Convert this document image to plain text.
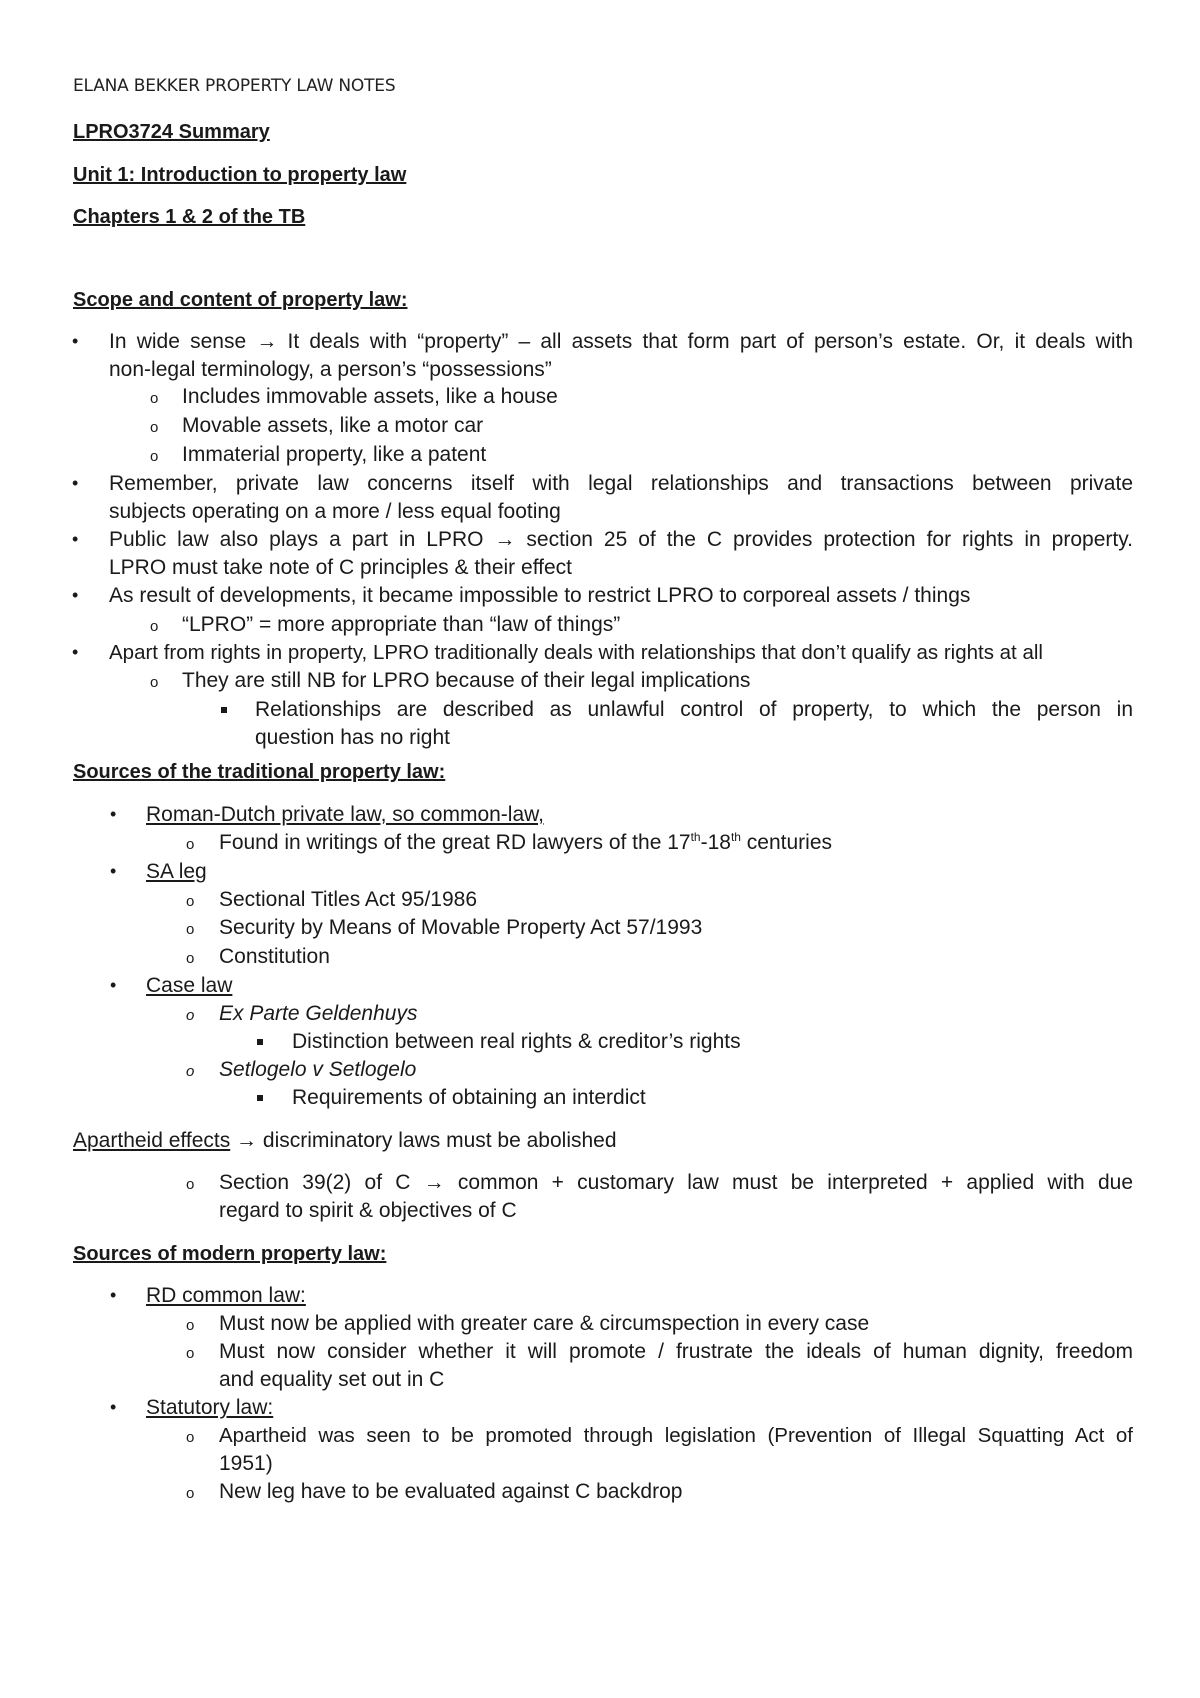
ELANA BEKKER PROPERTY LAW NOTES
LPRO3724 Summary
Unit 1: Introduction to property law
Chapters 1 & 2 of the TB
Scope and content of property law:
• In wide sense → It deals with “property” – all assets that form part of person’s estate. Or, it deals with
non-legal terminology, a person’s “possessions”
o Includes immovable assets, like a house
o Movable assets, like a motor car
o Immaterial property, like a patent
• Remember, private law concerns itself with legal relationships and transactions between private
subjects operating on a more / less equal footing
• Public law also plays a part in LPRO → section 25 of the C provides protection for rights in property.
LPRO must take note of C principles & their effect
• As result of developments, it became impossible to restrict LPRO to corporeal assets / things
o “LPRO” = more appropriate than “law of things”
• Apart from rights in property, LPRO traditionally deals with relationships that don’t qualify as rights at all
o They are still NB for LPRO because of their legal implications
Relationships are described as unlawful control of property, to which the person in
question has no right
Sources of the traditional property law:
• Roman-Dutch private law, so common-law,
o Found in writings of the great RD lawyers of the 17th-18th centuries
• SA leg
o Sectional Titles Act 95/1986
o Security by Means of Movable Property Act 57/1993
o Constitution
• Case law
o Ex Parte Geldenhuys
Distinction between real rights & creditor’s rights
o Setlogelo v Setlogelo
Requirements of obtaining an interdict
Apartheid effects → discriminatory laws must be abolished
o Section 39(2) of C → common + customary law must be interpreted + applied with due
regard to spirit & objectives of C
Sources of modern property law:
• RD common law:
o Must now be applied with greater care & circumspection in every case
o Must now consider whether it will promote / frustrate the ideals of human dignity, freedom
and equality set out in C
• Statutory law:
o Apartheid was seen to be promoted through legislation (Prevention of Illegal Squatting Act of
1951)
o New leg have to be evaluated against C backdrop
